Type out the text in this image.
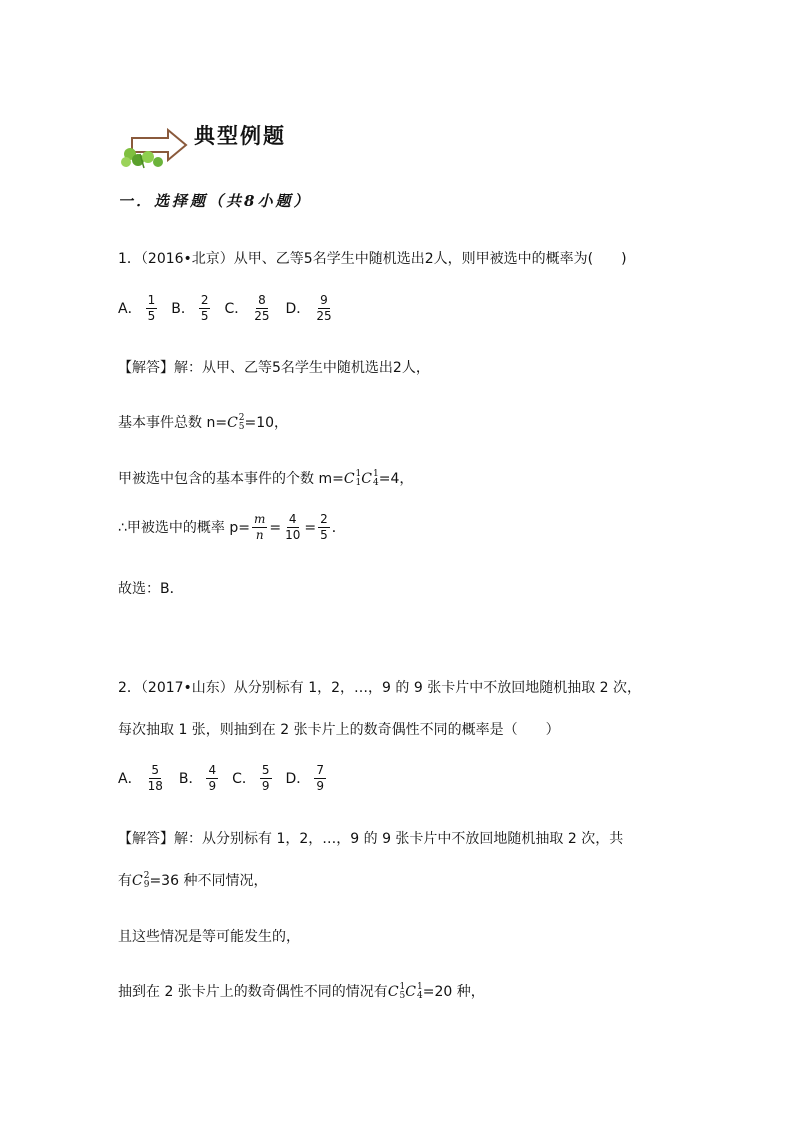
典型例题
一．选择题（共8小题）
1．（2016•北京）从甲、乙等5名学生中随机选出2人，则甲被选中的概率为(　　)
A． $\frac{1}{5}$ B． $\frac{2}{5}$ C． $\frac{8}{25}$ D． $\frac{9}{25}$
【解答】解：从甲、乙等5名学生中随机选出2人，
基本事件总数 n= C 2
5 =10，
甲被选中包含的基本事件的个数 m= C 1
1 C 1
4 =4，
∴甲被选中的概率 $p= \frac{m}{n} = \frac{4}{10} = \frac{2}{5}$ ．
故选：B．
2．（2017•山东）从分别标有 1，2，…，9 的 9 张卡片中不放回地随机抽取 2 次，
每次抽取 1 张，则抽到在 2 张卡片上的数奇偶性不同的概率是（　　）
A． $\frac{5}{18}$ B． $\frac{4}{9}$ C． $\frac{5}{9}$ D． $\frac{7}{9}$
【解答】解：从分别标有 1，2，…，9 的 9 张卡片中不放回地随机抽取 2 次，共
有 C 2
9 =36 种不同情况，
且这些情况是等可能发生的，
抽到在 2 张卡片上的数奇偶性不同的情况有 C 1
5 C 1
4 =20 种，
